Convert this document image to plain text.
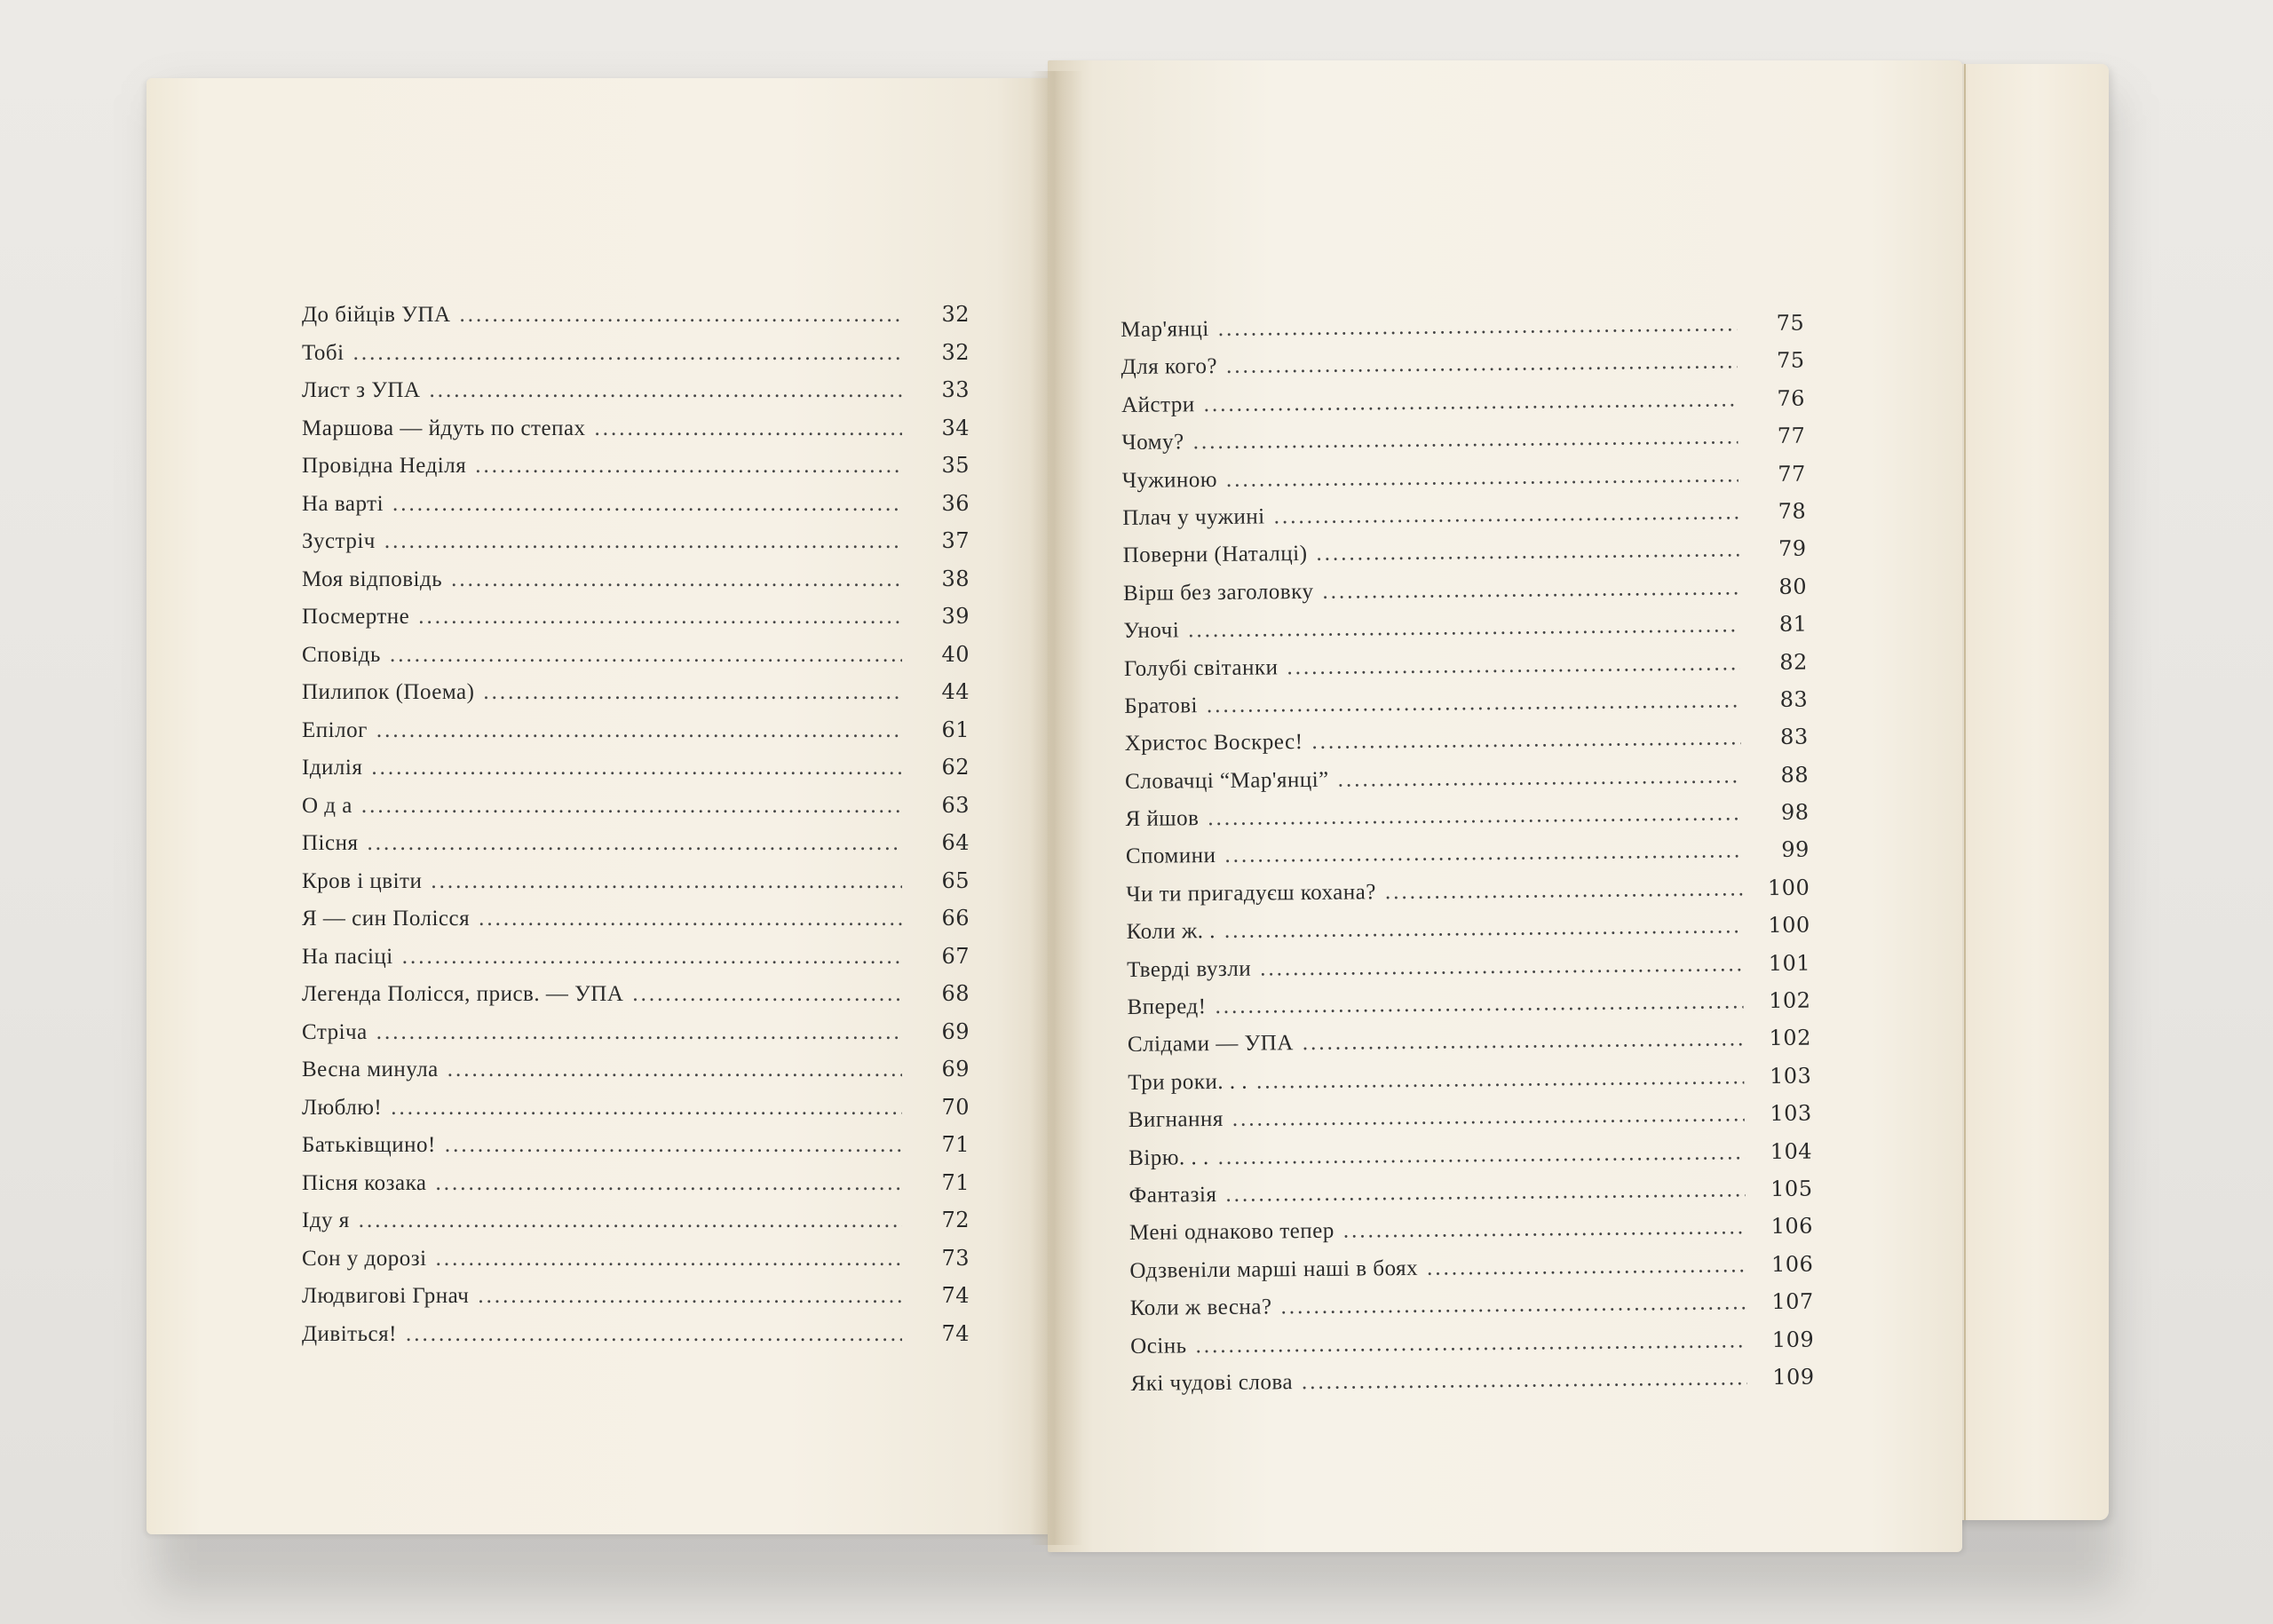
До бійців УПА .....	32
Тобі .....	32
Лист з УПА .....	33
Маршова — йдуть по степах .....	34
Провідна Неділя .....	35
На варті .....	36
Зустріч .....	37
Моя відповідь .....	38
Посмертне .....	39
Сповідь .....	40
Пилипок (Поема) .....	44
Епілог .....	61
Ідилія .....	62
О д а .....	63
Пісня .....	64
Кров і цвіти .....	65
Я — син Полісся .....	66
На пасіці .....	67
Легенда Полісся, присв. — УПА .....	68
Стріча .....	69
Весна минула .....	69
Люблю! .....	70
Батьківщино! .....	71
Пісня козака .....	71
Іду я .....	72
Сон у дорозі .....	73
Людвигові Грнач .....	74
Дивіться! .....	74
Мар'янці .....	75
Для кого? .....	75
Айстри .....	76
Чому? .....	77
Чужиною .....	77
Плач у чужині .....	78
Поверни (Наталці) .....	79
Вірш без заголовку .....	80
Уночі .....	81
Голубі світанки .....	82
Братові .....	83
Христос Воскрес! .....	83
Словачці “Мар'янці” .....	88
Я йшов .....	98
Спомини .....	99
Чи ти пригадуєш кохана? .....	100
Коли ж. . .....	100
Тверді вузли .....	101
Вперед! .....	102
Слідами — УПА .....	102
Три роки. . . .....	103
Вигнання .....	103
Вірю. . . .....	104
Фантазія .....	105
Мені однаково тепер .....	106
Одзвеніли марші наші в боях .....	106
Коли ж весна? .....	107
Осінь .....	109
Які чудові слова .....	109
